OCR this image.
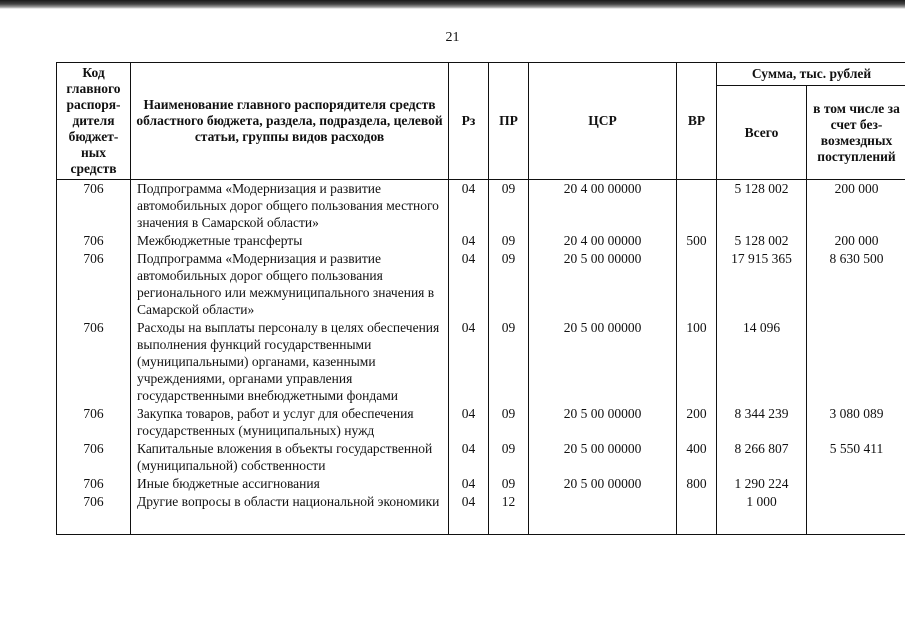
21
Код главного распоря-дителя бюджет-ных средств	Наименование главного распорядителя средств областного бюджета, раздела, подраздела, целевой статьи, группы видов расходов	Рз	ПР	ЦСР	ВР	Сумма, тыс. рублей	
						Всего	в том числе за счет без-возмездных поступлений
706	Подпрограмма «Модернизация и развитие автомобильных дорог общего пользования местного значения в Самарской области»	04	09	20 4 00 00000		5 128 002	200 000
706	Межбюджетные трансферты	04	09	20 4 00 00000	500	5 128 002	200 000
706	Подпрограмма «Модернизация и развитие автомобильных дорог общего пользования регионального или межмуниципального значения в Самарской области»	04	09	20 5 00 00000		17 915 365	8 630 500
706	Расходы на выплаты персоналу в целях обеспечения выполнения функций государственными (муниципальными) органами, казенными учреждениями, органами управления государственными внебюджетными фондами	04	09	20 5 00 00000	100	14 096	
706	Закупка товаров, работ и услуг для обеспечения государственных (муниципальных) нужд	04	09	20 5 00 00000	200	8 344 239	3 080 089
706	Капитальные вложения в объекты государственной (муниципальной) собственности	04	09	20 5 00 00000	400	8 266 807	5 550 411
706	Иные бюджетные ассигнования	04	09	20 5 00 00000	800	1 290 224	
706	Другие вопросы в области национальной экономики	04	12			1 000	
